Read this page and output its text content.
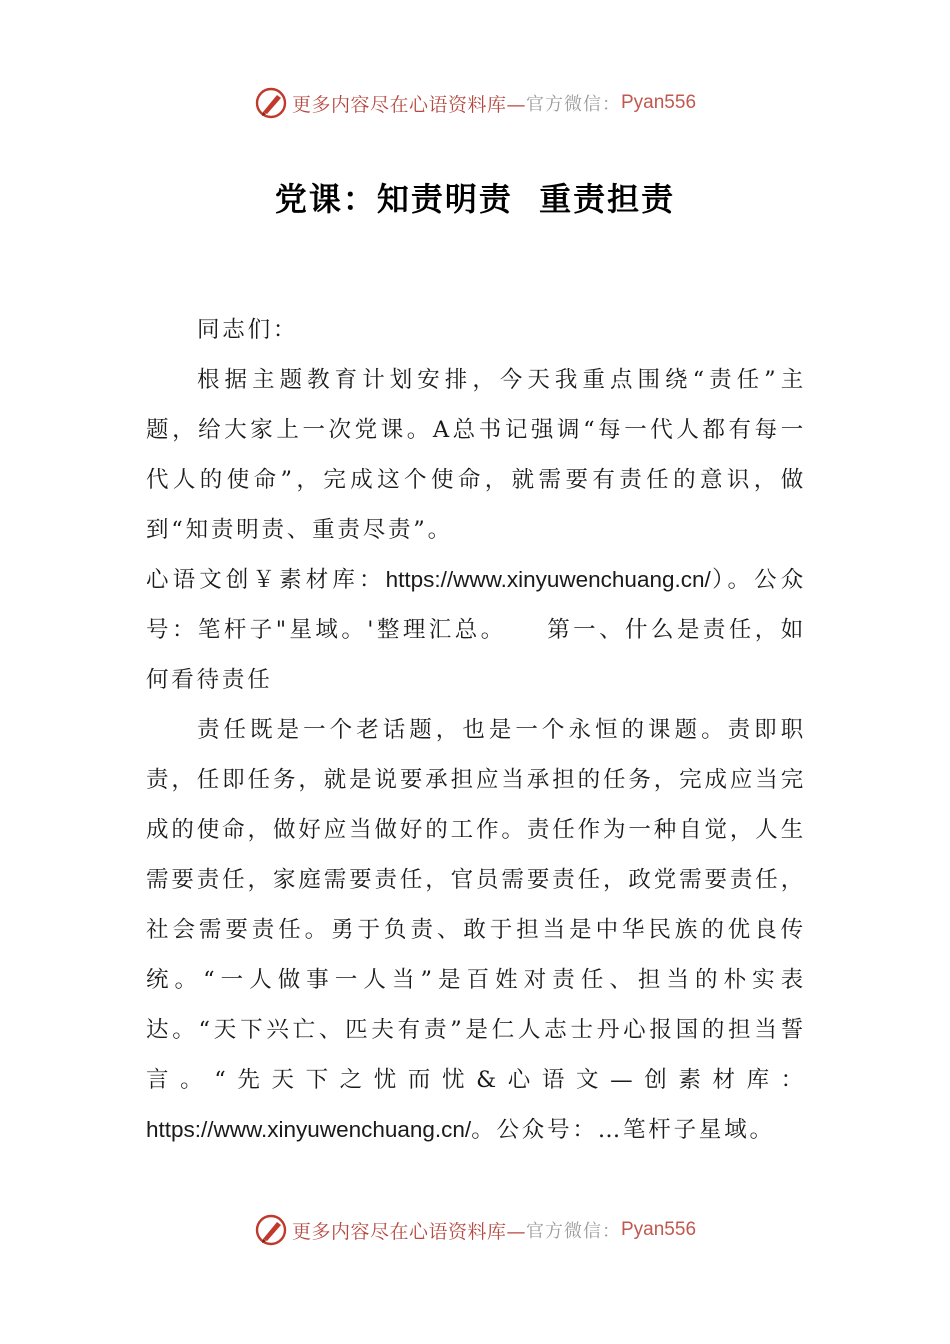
更多内容尽在心语资料库— 官方微信： Pyan556
党课：知责明责  重责担责

同志们：

根据主题教育计划安排，今天我重点围绕“责任”主题，给大家上一次党课。A总书记强调“每一代人都有每一代人的使命”，完成这个使命，就需要有责任的意识，做到“知责明责、重责尽责”。

心语文创￥素材库：https://www.xinyuwenchuang.cn/）。公众号：笔杆子"星域。'整理汇总。　　第一、什么是责任，如何看待责任

责任既是一个老话题，也是一个永恒的课题。责即职责，任即任务，就是说要承担应当承担的任务，完成应当完成的使命，做好应当做好的工作。责任作为一种自觉，人生需要责任，家庭需要责任，官员需要责任，政党需要责任，社会需要责任。勇于负责、敢于担当是中华民族的优良传统。“一人做事一人当”是百姓对责任、担当的朴实表达。“天下兴亡、匹夫有责”是仁人志士丹心报国的担当誓言。“先天下之忧而忧&心语文—创素材库：https://www.xinyuwenchuang.cn/。公众号：…笔杆子星域。

更多内容尽在心语资料库— 官方微信： Pyan556
